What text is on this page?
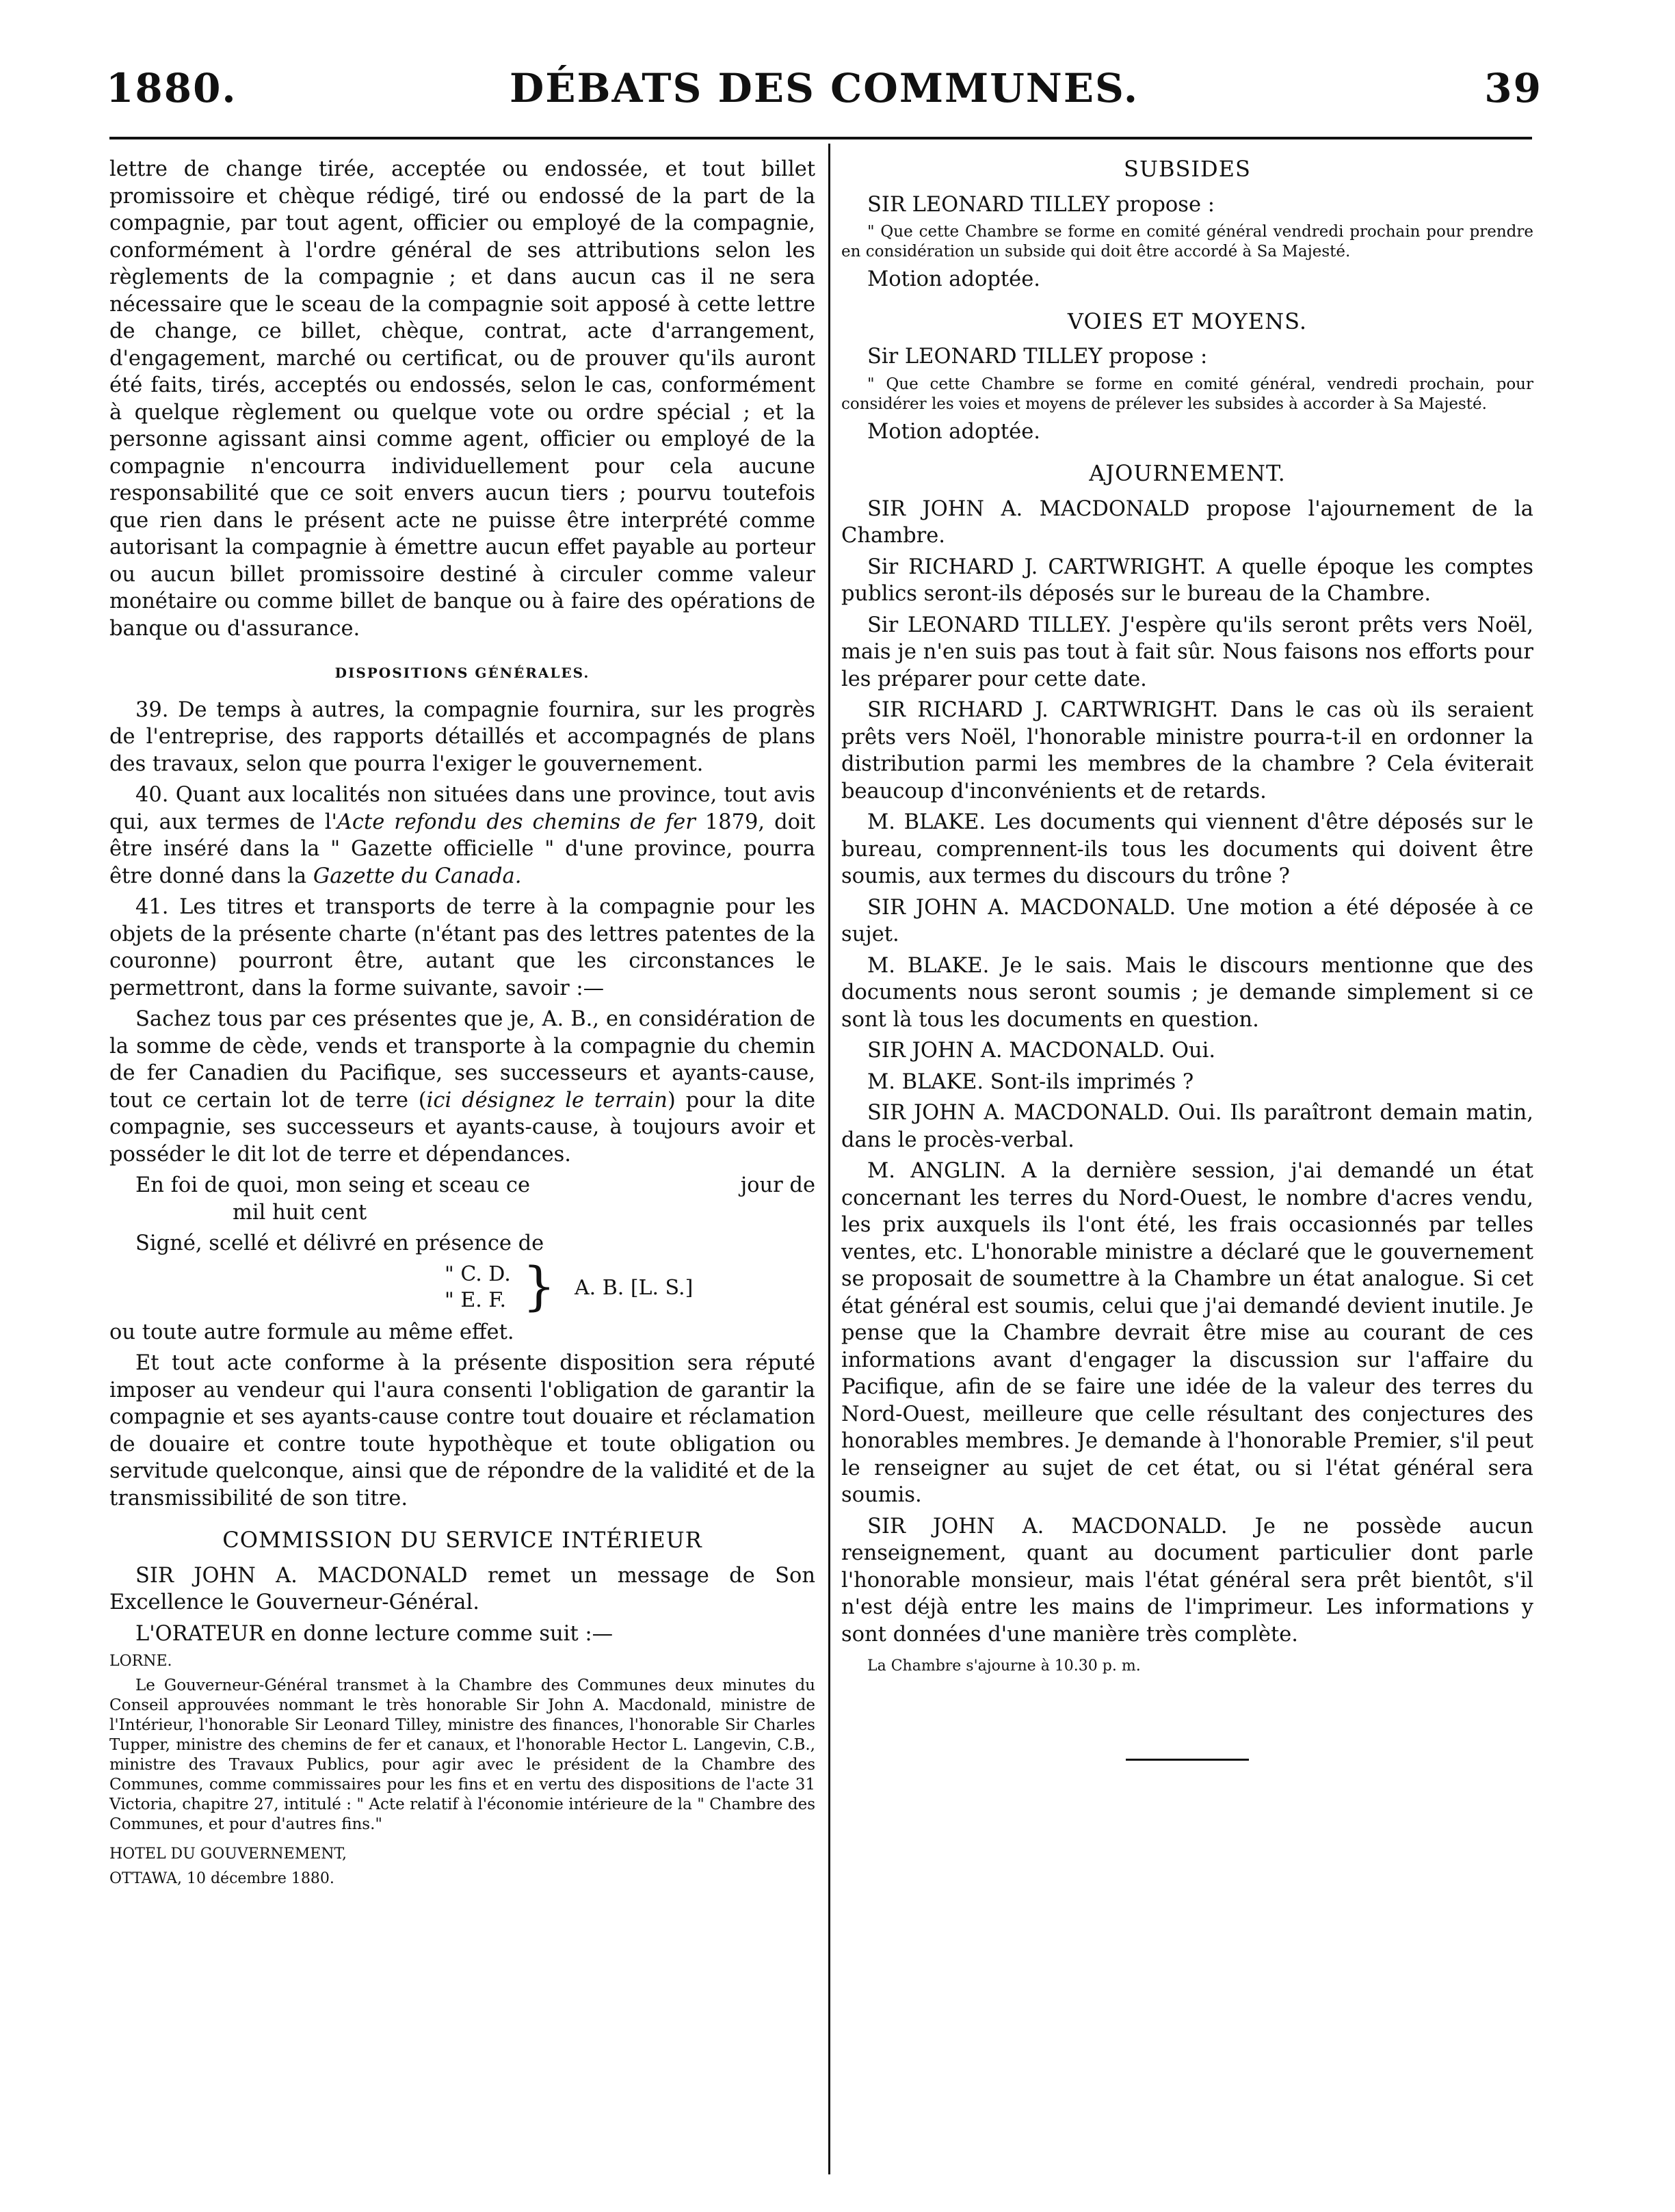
1880.	DÉBATS DES COMMUNES.	39

lettre de change tirée, acceptée ou endossée, et tout billet promissoire et chèque rédigé, tiré ou endossé de la part de la compagnie, par tout agent, officier ou employé de la compagnie, conformément à l'ordre général de ses attributions selon les règlements de la compagnie ; et dans aucun cas il ne sera nécessaire que le sceau de la compagnie soit apposé à cette lettre de change, ce billet, chèque, contrat, acte d'arrangement, d'engagement, marché ou certificat, ou de prouver qu'ils auront été faits, tirés, acceptés ou endossés, selon le cas, conformément à quelque règlement ou quelque vote ou ordre spécial ; et la personne agissant ainsi comme agent, officier ou employé de la compagnie n'encourra individuellement pour cela aucune responsabilité que ce soit envers aucun tiers ; pourvu toutefois que rien dans le présent acte ne puisse être interprété comme autorisant la compagnie à émettre aucun effet payable au porteur ou aucun billet promissoire destiné à circuler comme valeur monétaire ou comme billet de banque ou à faire des opérations de banque ou d'assurance.

DISPOSITIONS GÉNÉRALES.

39. De temps à autres, la compagnie fournira, sur les progrès de l'entreprise, des rapports détaillés et accompagnés de plans des travaux, selon que pourra l'exiger le gouvernement.

40. Quant aux localités non situées dans une province, tout avis qui, aux termes de l'Acte refondu des chemins de fer 1879, doit être inséré dans la " Gazette officielle " d'une province, pourra être donné dans la Gazette du Canada.

41. Les titres et transports de terre à la compagnie pour les objets de la présente charte (n'étant pas des lettres patentes de la couronne) pourront être, autant que les circonstances le permettront, dans la forme suivante, savoir :—

Sachez tous par ces présentes que je, A. B., en considération de la somme de cède, vends et transporte à la compagnie du chemin de fer Canadien du Pacifique, ses successeurs et ayants-cause, tout ce certain lot de terre (ici désignez le terrain) pour la dite compagnie, ses successeurs et ayants-cause, à toujours avoir et posséder le dit lot de terre et dépendances.

En foi de quoi, mon seing et sceau ce	jour de

mil huit cent

Signé, scellé et délivré en présence de

" C. D.
" E. F. } A. B. [L. S.]

ou toute autre formule au même effet.

Et tout acte conforme à la présente disposition sera réputé imposer au vendeur qui l'aura consenti l'obligation de garantir la compagnie et ses ayants-cause contre tout douaire et réclamation de douaire et contre toute hypothèque et toute obligation ou servitude quelconque, ainsi que de répondre de la validité et de la transmissibilité de son titre.

COMMISSION DU SERVICE INTÉRIEUR

SIR JOHN A. MACDONALD remet un message de Son Excellence le Gouverneur-Général.

L'ORATEUR en donne lecture comme suit :—

LORNE.

Le Gouverneur-Général transmet à la Chambre des Communes deux minutes du Conseil approuvées nommant le très honorable Sir John A. Macdonald, ministre de l'Intérieur, l'honorable Sir Leonard Tilley, ministre des finances, l'honorable Sir Charles Tupper, ministre des chemins de fer et canaux, et l'honorable Hector L. Langevin, C.B., ministre des Travaux Publics, pour agir avec le président de la Chambre des Communes, comme commissaires pour les fins et en vertu des dispositions de l'acte 31 Victoria, chapitre 27, intitulé : " Acte relatif à l'économie intérieure de la " Chambre des Communes, et pour d'autres fins."

HOTEL DU GOUVERNEMENT,

OTTAWA, 10 décembre 1880.

SUBSIDES

SIR LEONARD TILLEY propose :

" Que cette Chambre se forme en comité général vendredi prochain pour prendre en considération un subside qui doit être accordé à Sa Majesté.

Motion adoptée.

VOIES ET MOYENS.

Sir LEONARD TILLEY propose :

" Que cette Chambre se forme en comité général, vendredi prochain, pour considérer les voies et moyens de prélever les subsides à accorder à Sa Majesté.

Motion adoptée.

AJOURNEMENT.

SIR JOHN A. MACDONALD propose l'ajournement de la Chambre.

Sir RICHARD J. CARTWRIGHT. A quelle époque les comptes publics seront-ils déposés sur le bureau de la Chambre.

Sir LEONARD TILLEY. J'espère qu'ils seront prêts vers Noël, mais je n'en suis pas tout à fait sûr. Nous faisons nos efforts pour les préparer pour cette date.

SIR RICHARD J. CARTWRIGHT. Dans le cas où ils seraient prêts vers Noël, l'honorable ministre pourra-t-il en ordonner la distribution parmi les membres de la chambre ? Cela éviterait beaucoup d'inconvénients et de retards.

M. BLAKE. Les documents qui viennent d'être déposés sur le bureau, comprennent-ils tous les documents qui doivent être soumis, aux termes du discours du trône ?

SIR JOHN A. MACDONALD. Une motion a été déposée à ce sujet.

M. BLAKE. Je le sais. Mais le discours mentionne que des documents nous seront soumis ; je demande simplement si ce sont là tous les documents en question.

SIR JOHN A. MACDONALD. Oui.

M. BLAKE. Sont-ils imprimés ?

SIR JOHN A. MACDONALD. Oui. Ils paraîtront demain matin, dans le procès-verbal.

M. ANGLIN. A la dernière session, j'ai demandé un état concernant les terres du Nord-Ouest, le nombre d'acres vendu, les prix auxquels ils l'ont été, les frais occasionnés par telles ventes, etc. L'honorable ministre a déclaré que le gouvernement se proposait de soumettre à la Chambre un état analogue. Si cet état général est soumis, celui que j'ai demandé devient inutile. Je pense que la Chambre devrait être mise au courant de ces informations avant d'engager la discussion sur l'affaire du Pacifique, afin de se faire une idée de la valeur des terres du Nord-Ouest, meilleure que celle résultant des conjectures des honorables membres. Je demande à l'honorable Premier, s'il peut le renseigner au sujet de cet état, ou si l'état général sera soumis.

SIR JOHN A. MACDONALD. Je ne possède aucun renseignement, quant au document particulier dont parle l'honorable monsieur, mais l'état général sera prêt bientôt, s'il n'est déjà entre les mains de l'imprimeur. Les informations y sont données d'une manière très complète.

La Chambre s'ajourne à 10.30 p. m.
